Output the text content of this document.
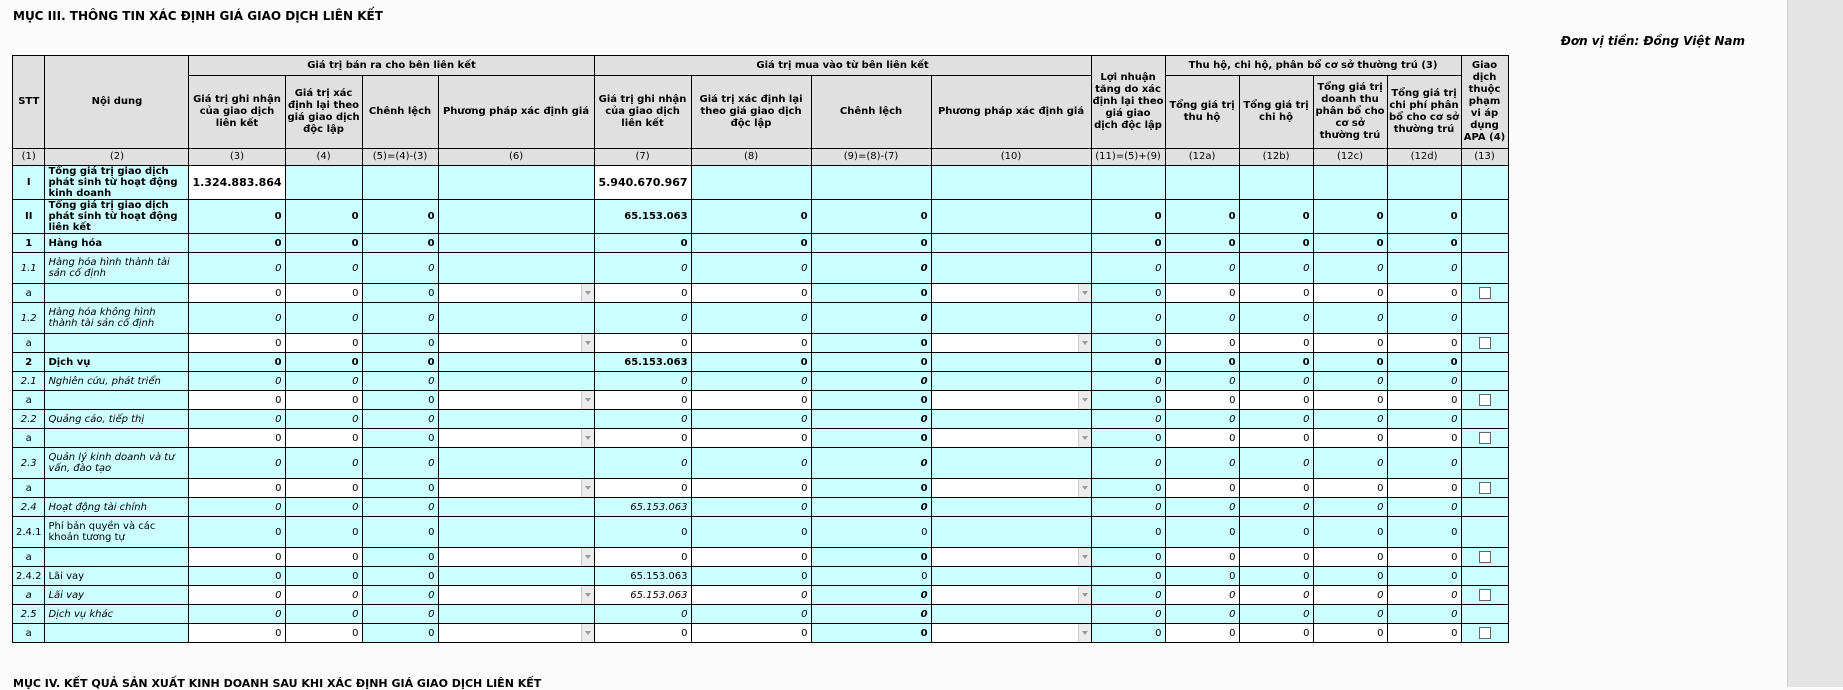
MỤC III. THÔNG TIN XÁC ĐỊNH GIÁ GIAO DỊCH LIÊN KẾT
Đơn vị tiền: Đồng Việt Nam
STT	Nội dung	Giá trị bán ra cho bên liên kết				Giá trị mua vào từ bên liên kết				Lợi nhuận tăng do xác định lại theo giá giao dịch độc lập	Thu hộ, chi hộ, phân bổ cơ sở thường trú (3)				Giao dịch thuộc phạm vi áp dụng APA (4)
		Giá trị ghi nhận của giao dịch liên kết	Giá trị xác định lại theo giá giao dịch độc lập	Chênh lệch	Phương pháp xác định giá	Giá trị ghi nhận của giao dịch liên kết	Giá trị xác định lại theo giá giao dịch độc lập	Chênh lệch	Phương pháp xác định giá		Tổng giá trị thu hộ	Tổng giá trị chi hộ	Tổng giá trị doanh thu phân bổ cho cơ sở thường trú	Tổng giá trị chi phí phân bổ cho cơ sở thường trú	
(1)	(2)	(3)	(4)	(5)=(4)-(3)	(6)	(7)	(8)	(9)=(8)-(7)	(10)	(11)=(5)+(9)	(12a)	(12b)	(12c)	(12d)	(13)
I	Tổng giá trị giao dịch phát sinh từ hoạt động kinh doanh	1.324.883.864				5.940.670.967									
II	Tổng giá trị giao dịch phát sinh từ hoạt động liên kết	0	0	0		65.153.063	0	0		0	0	0	0	0	
1	Hàng hóa	0	0	0		0	0	0		0	0	0	0	0	
1.1	Hàng hóa hình thành tài sản cố định	0	0	0		0	0	0		0	0	0	0	0	
a		0	0	0		0	0	0		0	0	0	0	0	
1.2	Hàng hóa không hình thành tài sản cố định	0	0	0		0	0	0		0	0	0	0	0	
a		0	0	0		0	0	0		0	0	0	0	0	
2	Dịch vụ	0	0	0		65.153.063	0	0		0	0	0	0	0	
2.1	Nghiên cứu, phát triển	0	0	0		0	0	0		0	0	0	0	0	
a		0	0	0		0	0	0		0	0	0	0	0	
2.2	Quảng cáo, tiếp thị	0	0	0		0	0	0		0	0	0	0	0	
a		0	0	0		0	0	0		0	0	0	0	0	
2.3	Quản lý kinh doanh và tư vấn, đào tạo	0	0	0		0	0	0		0	0	0	0	0	
a		0	0	0		0	0	0		0	0	0	0	0	
2.4	Hoạt động tài chính	0	0	0		65.153.063	0	0		0	0	0	0	0	
2.4.1	Phí bản quyền và các khoản tương tự	0	0	0		0	0	0		0	0	0	0	0	
a		0	0	0		0	0	0		0	0	0	0	0	
2.4.2	Lãi vay	0	0	0		65.153.063	0	0		0	0	0	0	0	
a	Lãi vay	0	0	0		65.153.063	0	0		0	0	0	0	0	
2.5	Dịch vụ khác	0	0	0		0	0	0		0	0	0	0	0	
a		0	0	0		0	0	0		0	0	0	0	0	
MỤC IV. KẾT QUẢ SẢN XUẤT KINH DOANH SAU KHI XÁC ĐỊNH GIÁ GIAO DỊCH LIÊN KẾT
